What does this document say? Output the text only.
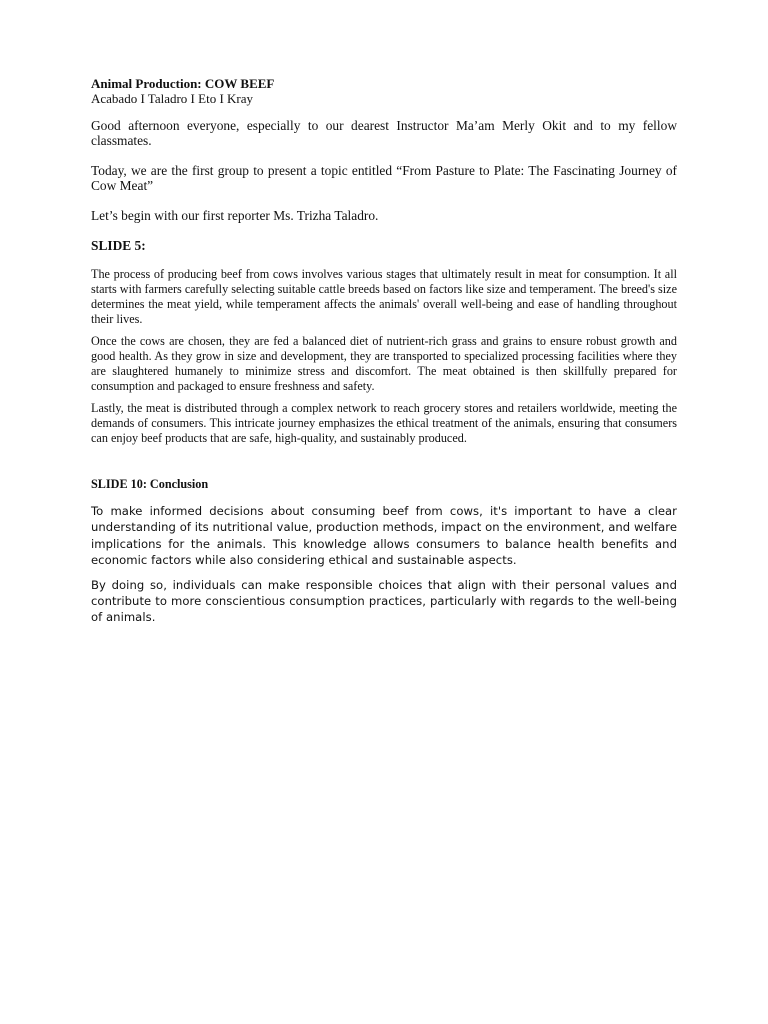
Animal Production: COW BEEF
Acabado I Taladro I Eto I Kray

Good afternoon everyone, especially to our dearest Instructor Ma’am Merly Okit and to my fellow classmates.

Today, we are the first group to present a topic entitled “From Pasture to Plate: The Fascinating Journey of Cow Meat”

Let’s begin with our first reporter Ms. Trizha Taladro.

SLIDE 5:

The process of producing beef from cows involves various stages that ultimately result in meat for consumption. It all starts with farmers carefully selecting suitable cattle breeds based on factors like size and temperament. The breed's size determines the meat yield, while temperament affects the animals' overall well-being and ease of handling throughout their lives.

Once the cows are chosen, they are fed a balanced diet of nutrient-rich grass and grains to ensure robust growth and good health. As they grow in size and development, they are transported to specialized processing facilities where they are slaughtered humanely to minimize stress and discomfort. The meat obtained is then skillfully prepared for consumption and packaged to ensure freshness and safety.

Lastly, the meat is distributed through a complex network to reach grocery stores and retailers worldwide, meeting the demands of consumers. This intricate journey emphasizes the ethical treatment of the animals, ensuring that consumers can enjoy beef products that are safe, high-quality, and sustainably produced.

SLIDE 10: Conclusion

To make informed decisions about consuming beef from cows, it's important to have a clear understanding of its nutritional value, production methods, impact on the environment, and welfare implications for the animals. This knowledge allows consumers to balance health benefits and economic factors while also considering ethical and sustainable aspects.

By doing so, individuals can make responsible choices that align with their personal values and contribute to more conscientious consumption practices, particularly with regards to the well-being of animals.
